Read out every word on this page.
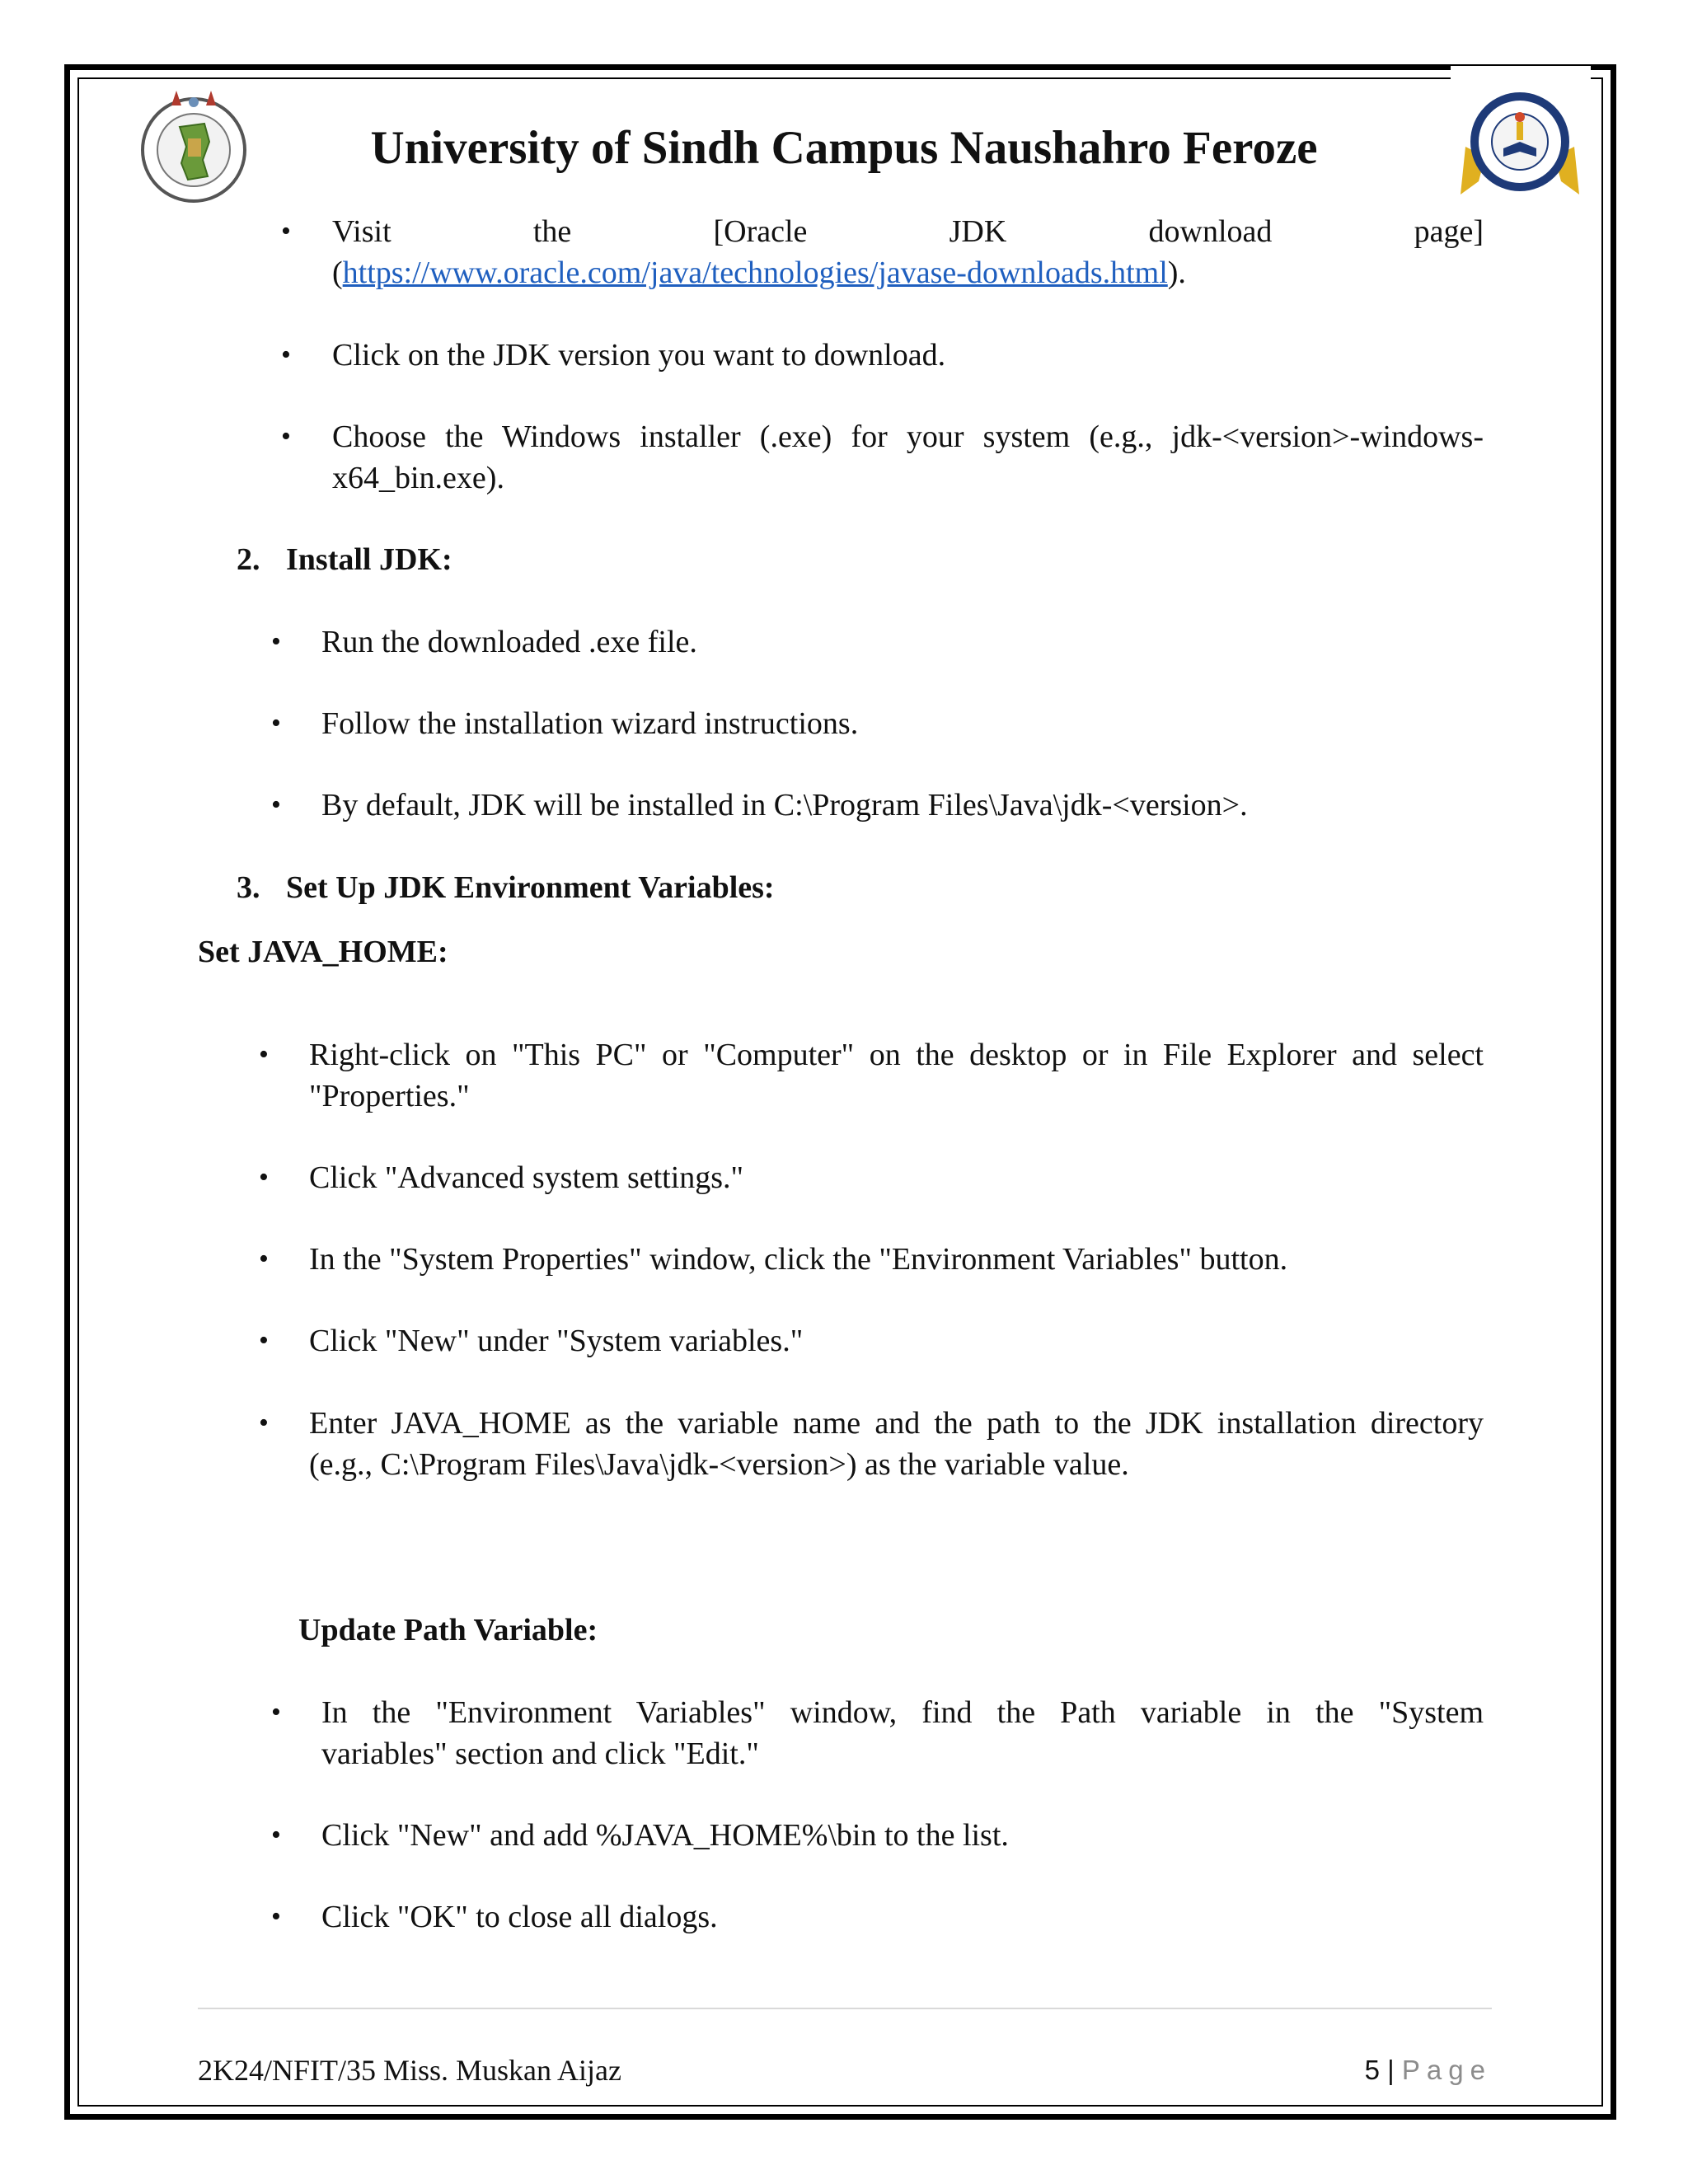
University of Sindh Campus Naushahro Feroze
• Visit	the	[Oracle	JDK	download	page]
(https://www.oracle.com/java/technologies/javase-downloads.html).
• Click on the JDK version you want to download.
• Choose the Windows installer (.exe) for your system (e.g., jdk-<version>-windows-
x64_bin.exe).
2. Install JDK:
• Run the downloaded .exe file.
• Follow the installation wizard instructions.
• By default, JDK will be installed in C:\Program Files\Java\jdk-<version>.
3. Set Up JDK Environment Variables:
Set JAVA_HOME:
• Right-click on "This PC" or "Computer" on the desktop or in File Explorer and select
"Properties."
• Click "Advanced system settings."
• In the "System Properties" window, click the "Environment Variables" button.
• Click "New" under "System variables."
• Enter JAVA_HOME as the variable name and the path to the JDK installation directory
(e.g., C:\Program Files\Java\jdk-<version>) as the variable value.
Update Path Variable:
• In the "Environment Variables" window, find the Path variable in the "System
variables" section and click "Edit."
• Click "New" and add %JAVA_HOME%\bin to the list.
• Click "OK" to close all dialogs.
2K24/NFIT/35 Miss. Muskan Aijaz	5 | Page
